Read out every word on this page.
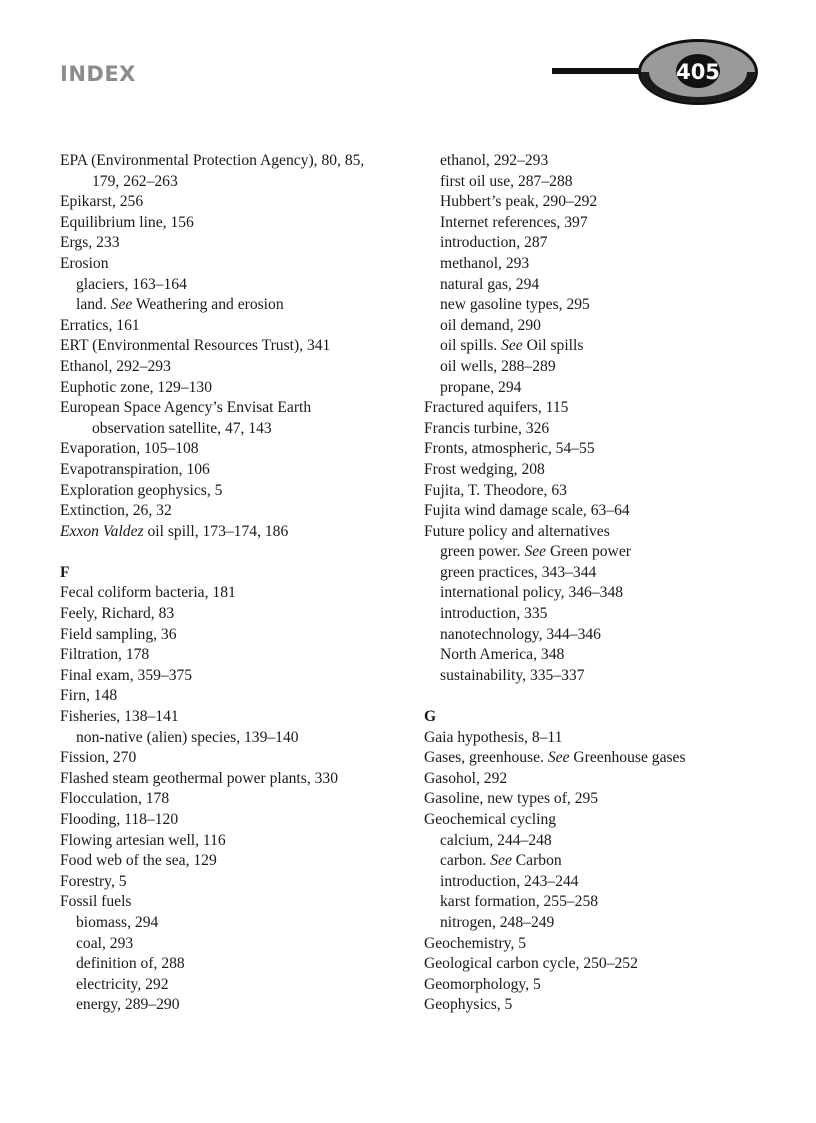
INDEX	405
EPA (Environmental Protection Agency), 80, 85,
179, 262–263
Epikarst, 256
Equilibrium line, 156
Ergs, 233
Erosion
glaciers, 163–164
land. See Weathering and erosion
Erratics, 161
ERT (Environmental Resources Trust), 341
Ethanol, 292–293
Euphotic zone, 129–130
European Space Agency’s Envisat Earth
observation satellite, 47, 143
Evaporation, 105–108
Evapotranspiration, 106
Exploration geophysics, 5
Extinction, 26, 32
Exxon Valdez oil spill, 173–174, 186
F
Fecal coliform bacteria, 181
Feely, Richard, 83
Field sampling, 36
Filtration, 178
Final exam, 359–375
Firn, 148
Fisheries, 138–141
non-native (alien) species, 139–140
Fission, 270
Flashed steam geothermal power plants, 330
Flocculation, 178
Flooding, 118–120
Flowing artesian well, 116
Food web of the sea, 129
Forestry, 5
Fossil fuels
biomass, 294
coal, 293
definition of, 288
electricity, 292
energy, 289–290
ethanol, 292–293
first oil use, 287–288
Hubbert’s peak, 290–292
Internet references, 397
introduction, 287
methanol, 293
natural gas, 294
new gasoline types, 295
oil demand, 290
oil spills. See Oil spills
oil wells, 288–289
propane, 294
Fractured aquifers, 115
Francis turbine, 326
Fronts, atmospheric, 54–55
Frost wedging, 208
Fujita, T. Theodore, 63
Fujita wind damage scale, 63–64
Future policy and alternatives
green power. See Green power
green practices, 343–344
international policy, 346–348
introduction, 335
nanotechnology, 344–346
North America, 348
sustainability, 335–337
G
Gaia hypothesis, 8–11
Gases, greenhouse. See Greenhouse gases
Gasohol, 292
Gasoline, new types of, 295
Geochemical cycling
calcium, 244–248
carbon. See Carbon
introduction, 243–244
karst formation, 255–258
nitrogen, 248–249
Geochemistry, 5
Geological carbon cycle, 250–252
Geomorphology, 5
Geophysics, 5
